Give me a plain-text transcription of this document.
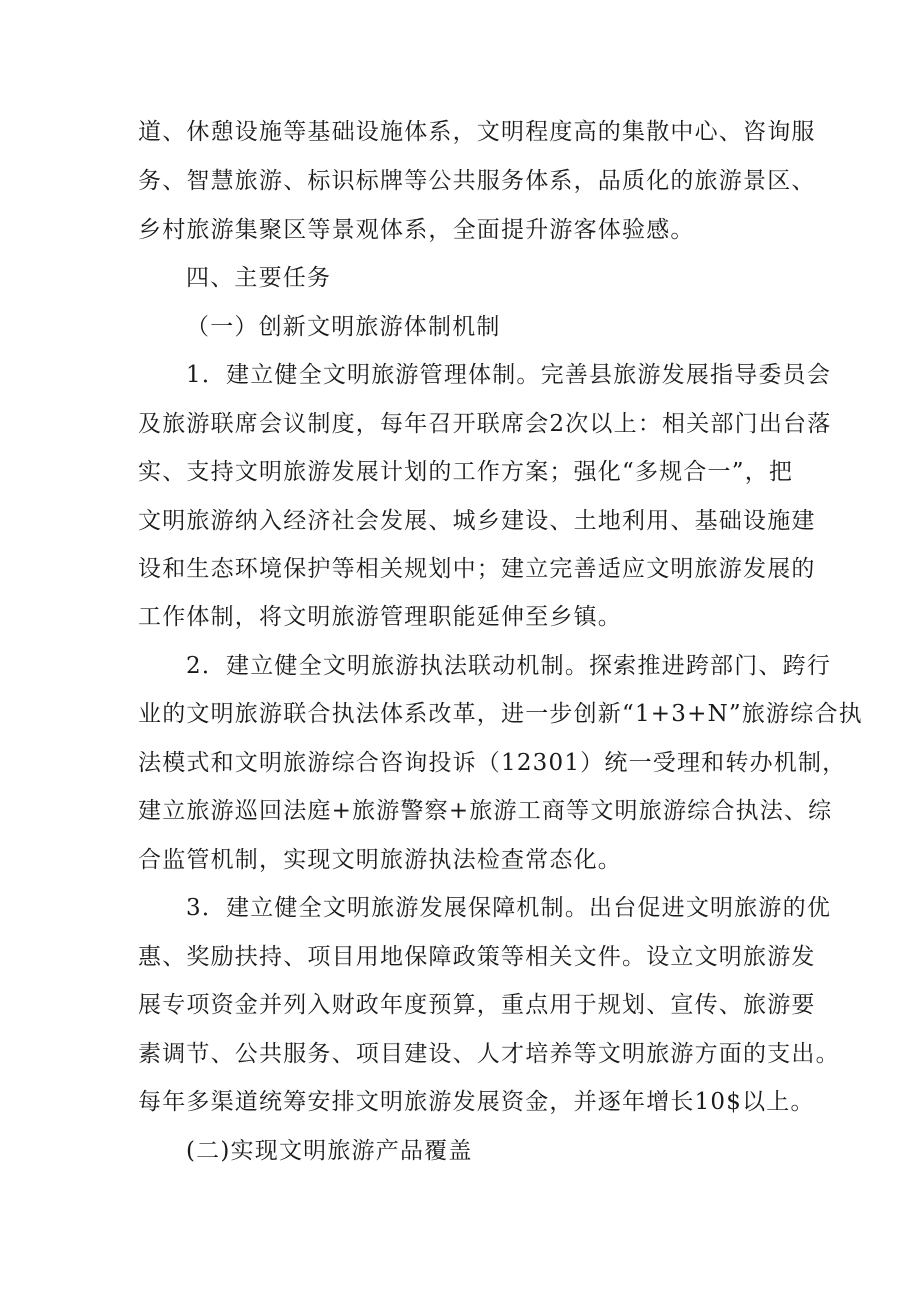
道、休憩设施等基础设施体系，文明程度高的集散中心、咨询服
务、智慧旅游、标识标牌等公共服务体系，品质化的旅游景区、
乡村旅游集聚区等景观体系，全面提升游客体验感。
四、主要任务
（一）创新文明旅游体制机制
1．建立健全文明旅游管理体制。完善县旅游发展指导委员会
及旅游联席会议制度，每年召开联席会2次以上：相关部门出台落
实、支持文明旅游发展计划的工作方案；强化“多规合一”，把
文明旅游纳入经济社会发展、城乡建设、土地利用、基础设施建
设和生态环境保护等相关规划中；建立完善适应文明旅游发展的
工作体制，将文明旅游管理职能延伸至乡镇。
2．建立健全文明旅游执法联动机制。探索推进跨部门、跨行
业的文明旅游联合执法体系改革，进一步创新“1+3+N”旅游综合执
法模式和文明旅游综合咨询投诉（12301）统一受理和转办机制，
建立旅游巡回法庭+旅游警察+旅游工商等文明旅游综合执法、综
合监管机制，实现文明旅游执法检查常态化。
3．建立健全文明旅游发展保障机制。出台促进文明旅游的优
惠、奖励扶持、项目用地保障政策等相关文件。设立文明旅游发
展专项资金并列入财政年度预算，重点用于规划、宣传、旅游要
素调节、公共服务、项目建设、人才培养等文明旅游方面的支出。
每年多渠道统筹安排文明旅游发展资金，并逐年增长10$以上。
(二)实现文明旅游产品覆盖
